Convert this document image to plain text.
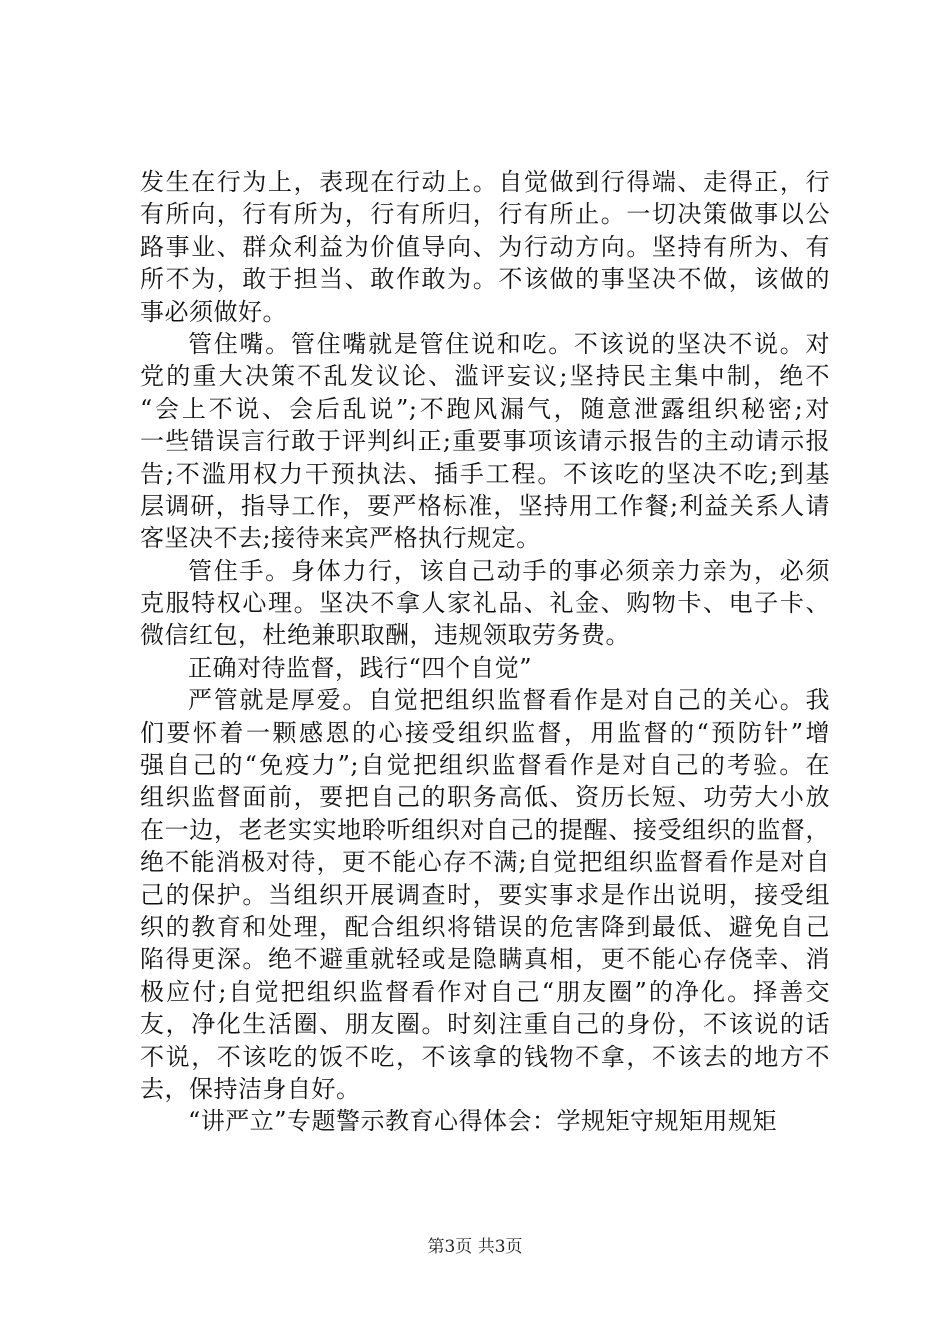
发生在行为上，表现在行动上。自觉做到行得端、走得正，行
有所向，行有所为，行有所归，行有所止。一切决策做事以公
路事业、群众利益为价值导向、为行动方向。坚持有所为、有
所不为，敢于担当、敢作敢为。不该做的事坚决不做，该做的
事必须做好。
管住嘴。管住嘴就是管住说和吃。不该说的坚决不说。对
党的重大决策不乱发议论、滥评妄议;坚持民主集中制，绝不
“会上不说、会后乱说”;不跑风漏气，随意泄露组织秘密;对
一些错误言行敢于评判纠正;重要事项该请示报告的主动请示报
告;不滥用权力干预执法、插手工程。不该吃的坚决不吃;到基
层调研，指导工作，要严格标准，坚持用工作餐;利益关系人请
客坚决不去;接待来宾严格执行规定。
管住手。身体力行，该自己动手的事必须亲力亲为，必须
克服特权心理。坚决不拿人家礼品、礼金、购物卡、电子卡、
微信红包，杜绝兼职取酬，违规领取劳务费。
正确对待监督，践行“四个自觉”
严管就是厚爱。自觉把组织监督看作是对自己的关心。我
们要怀着一颗感恩的心接受组织监督，用监督的“预防针”增
强自己的“免疫力”;自觉把组织监督看作是对自己的考验。在
组织监督面前，要把自己的职务高低、资历长短、功劳大小放
在一边，老老实实地聆听组织对自己的提醒、接受组织的监督，
绝不能消极对待，更不能心存不满;自觉把组织监督看作是对自
己的保护。当组织开展调查时，要实事求是作出说明，接受组
织的教育和处理，配合组织将错误的危害降到最低、避免自己
陷得更深。绝不避重就轻或是隐瞒真相，更不能心存侥幸、消
极应付;自觉把组织监督看作对自己“朋友圈”的净化。择善交
友，净化生活圈、朋友圈。时刻注重自己的身份，不该说的话
不说，不该吃的饭不吃，不该拿的钱物不拿，不该去的地方不
去，保持洁身自好。
“讲严立”专题警示教育心得体会：学规矩守规矩用规矩
第3页 共3页
